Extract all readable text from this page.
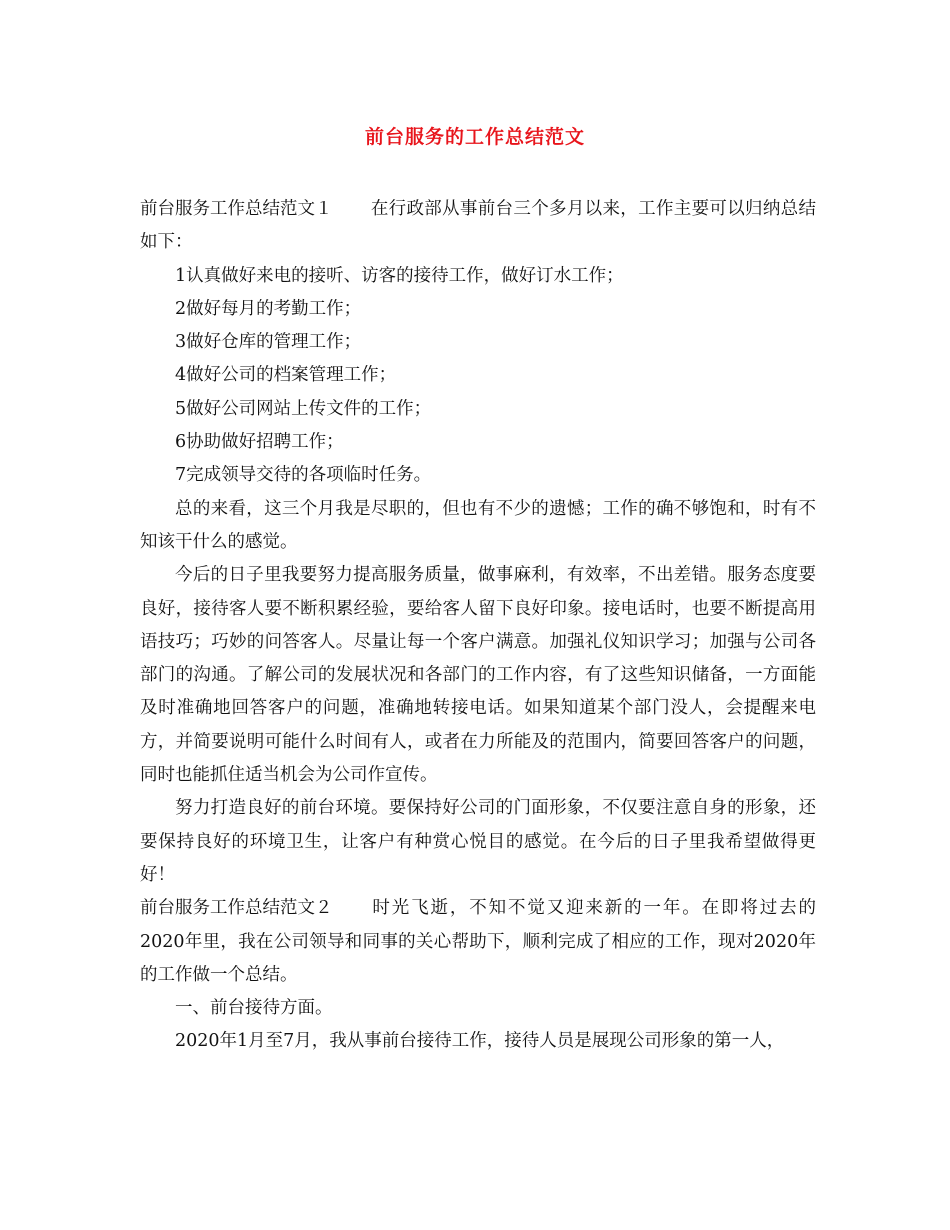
前台服务的工作总结范文

前台服务工作总结范文１ 在行政部从事前台三个多月以来，工作主要可以归纳总结如下：

1认真做好来电的接听、访客的接待工作，做好订水工作；

2做好每月的考勤工作；

3做好仓库的管理工作；

4做好公司的档案管理工作；

5做好公司网站上传文件的工作；

6协助做好招聘工作；

7完成领导交待的各项临时任务。

总的来看，这三个月我是尽职的，但也有不少的遗憾；工作的确不够饱和，时有不知该干什么的感觉。

今后的日子里我要努力提高服务质量，做事麻利，有效率，不出差错。服务态度要良好，接待客人要不断积累经验，要给客人留下良好印象。接电话时，也要不断提高用语技巧；巧妙的问答客人。尽量让每一个客户满意。加强礼仪知识学习；加强与公司各部门的沟通。了解公司的发展状况和各部门的工作内容，有了这些知识储备，一方面能及时准确地回答客户的问题，准确地转接电话。如果知道某个部门没人，会提醒来电方，并简要说明可能什么时间有人，或者在力所能及的范围内，简要回答客户的问题，同时也能抓住适当机会为公司作宣传。

努力打造良好的前台环境。要保持好公司的门面形象，不仅要注意自身的形象，还要保持良好的环境卫生，让客户有种赏心悦目的感觉。在今后的日子里我希望做得更好！

前台服务工作总结范文２ 时光飞逝，不知不觉又迎来新的一年。在即将过去的2020年里，我在公司领导和同事的关心帮助下，顺利完成了相应的工作，现对2020年的工作做一个总结。

一、前台接待方面。

2020年1月至7月，我从事前台接待工作，接待人员是展现公司形象的第一人，
